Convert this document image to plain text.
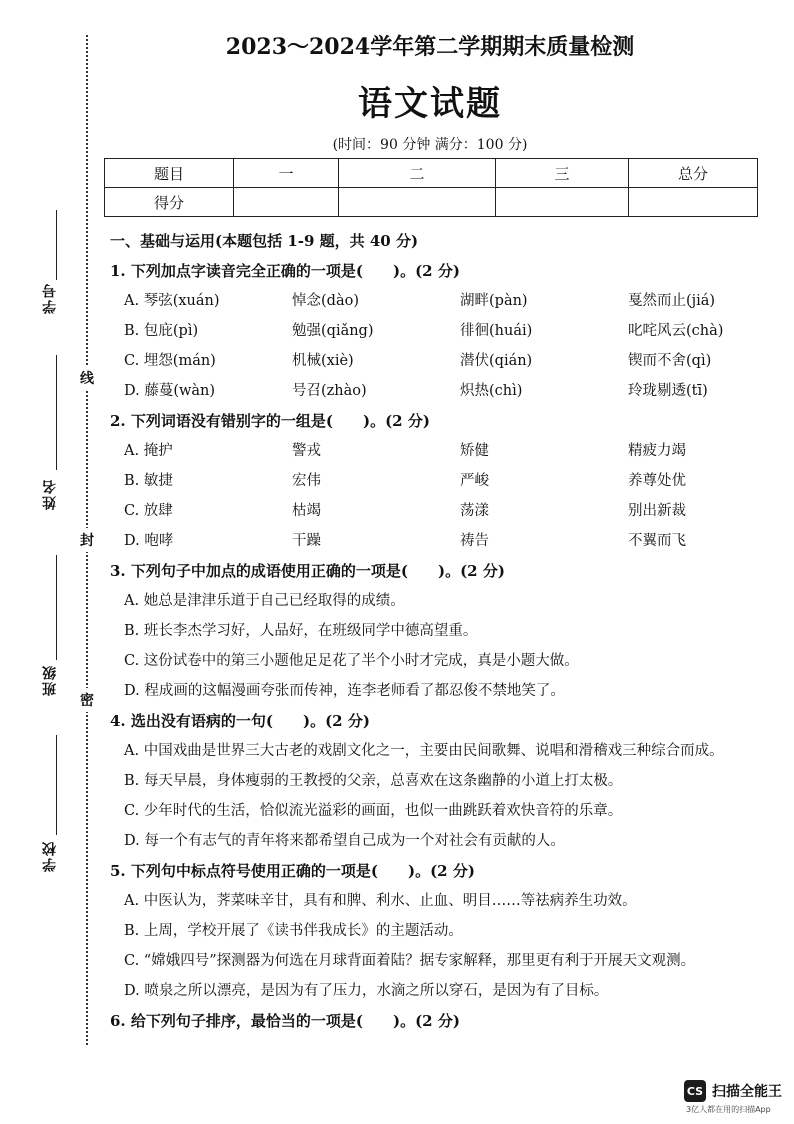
学号
姓名
班级
学校
线
封
密
2023～2024学年第二学期期末质量检测
语文试题
(时间：90 分钟 满分：100 分)
题目	一	二	三	总分
得分				
一、基础与运用(本题包括 1-9 题，共 40 分)
1. 下列加点字读音完全正确的一项是(　　)。(2 分)
A. 琴弦(xuán)	悼念(dào)	湖畔(pàn)	戛然而止(jiá)
B. 包庇(pì)	勉强(qiǎng)	徘徊(huái)	叱咤风云(chà)
C. 埋怨(mán)	机械(xiè)	潜伏(qián)	锲而不舍(qì)
D. 藤蔓(wàn)	号召(zhào)	炽热(chì)	玲珑剔透(tī)
2. 下列词语没有错别字的一组是(　　)。(2 分)
A. 掩护	警戎	矫健	精疲力竭
B. 敏捷	宏伟	严峻	养尊处优
C. 放肆	枯竭	荡漾	别出新裁
D. 咆哮	干躁	祷告	不翼而飞
3. 下列句子中加点的成语使用正确的一项是(　　)。(2 分)
A. 她总是津津乐道于自己已经取得的成绩。
B. 班长李杰学习好，人品好，在班级同学中德高望重。
C. 这份试卷中的第三小题他足足花了半个小时才完成，真是小题大做。
D. 程成画的这幅漫画夸张而传神，连李老师看了都忍俊不禁地笑了。
4. 选出没有语病的一句(　　)。(2 分)
A. 中国戏曲是世界三大古老的戏剧文化之一，主要由民间歌舞、说唱和滑稽戏三种综合而成。
B. 每天早晨，身体瘦弱的王教授的父亲，总喜欢在这条幽静的小道上打太极。
C. 少年时代的生活，恰似流光溢彩的画面，也似一曲跳跃着欢快音符的乐章。
D. 每一个有志气的青年将来都希望自己成为一个对社会有贡献的人。
5. 下列句中标点符号使用正确的一项是(　　)。(2 分)
A. 中医认为，荠菜味辛甘，具有和脾、利水、止血、明目……等祛病养生功效。
B. 上周，学校开展了《读书伴我成长》的主题活动。
C. “嫦娥四号”探测器为何选在月球背面着陆？据专家解释，那里更有利于开展天文观测。
D. 喷泉之所以漂亮，是因为有了压力，水滴之所以穿石，是因为有了目标。
6. 给下列句子排序，最恰当的一项是(　　)。(2 分)
CS 扫描全能王
3亿人都在用的扫描App
